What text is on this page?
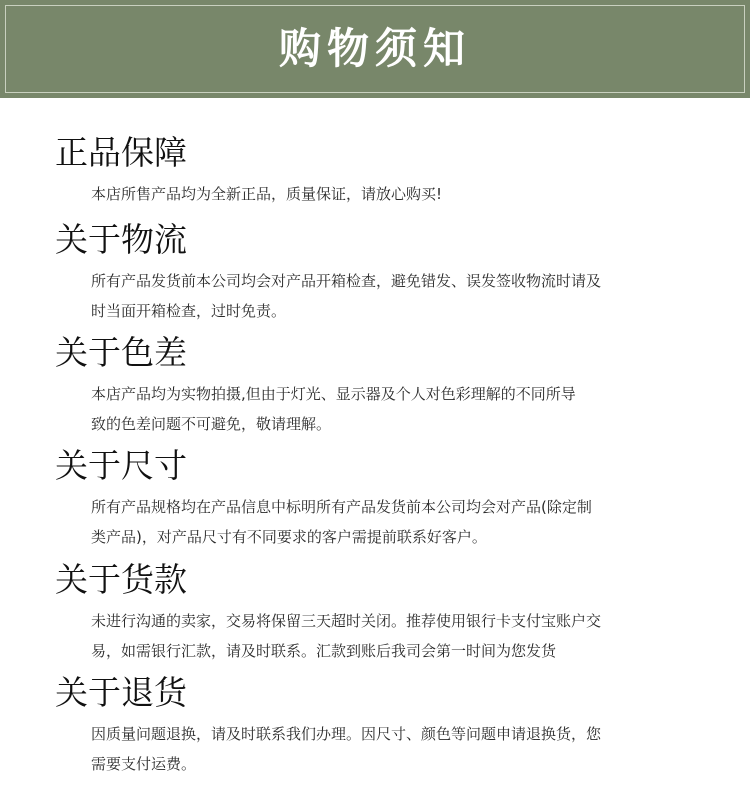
购物须知
正品保障
本店所售产品均为全新正品，质量保证，请放心购买!
关于物流
所有产品发货前本公司均会对产品开箱检查，避免错发、误发签收物流时请及
时当面开箱检查，过时免责。
关于色差
本店产品均为实物拍摄,但由于灯光、显示器及个人对色彩理解的不同所导
致的色差问题不可避免，敬请理解。
关于尺寸
所有产品规格均在产品信息中标明所有产品发货前本公司均会对产品(除定制
类产品)，对产品尺寸有不同要求的客户需提前联系好客户。
关于货款
未进行沟通的卖家，交易将保留三天超时关闭。推荐使用银行卡支付宝账户交
易，如需银行汇款，请及时联系。汇款到账后我司会第一时间为您发货
关于退货
因质量问题退换，请及时联系我们办理。因尺寸、颜色等问题申请退换货，您
需要支付运费。
